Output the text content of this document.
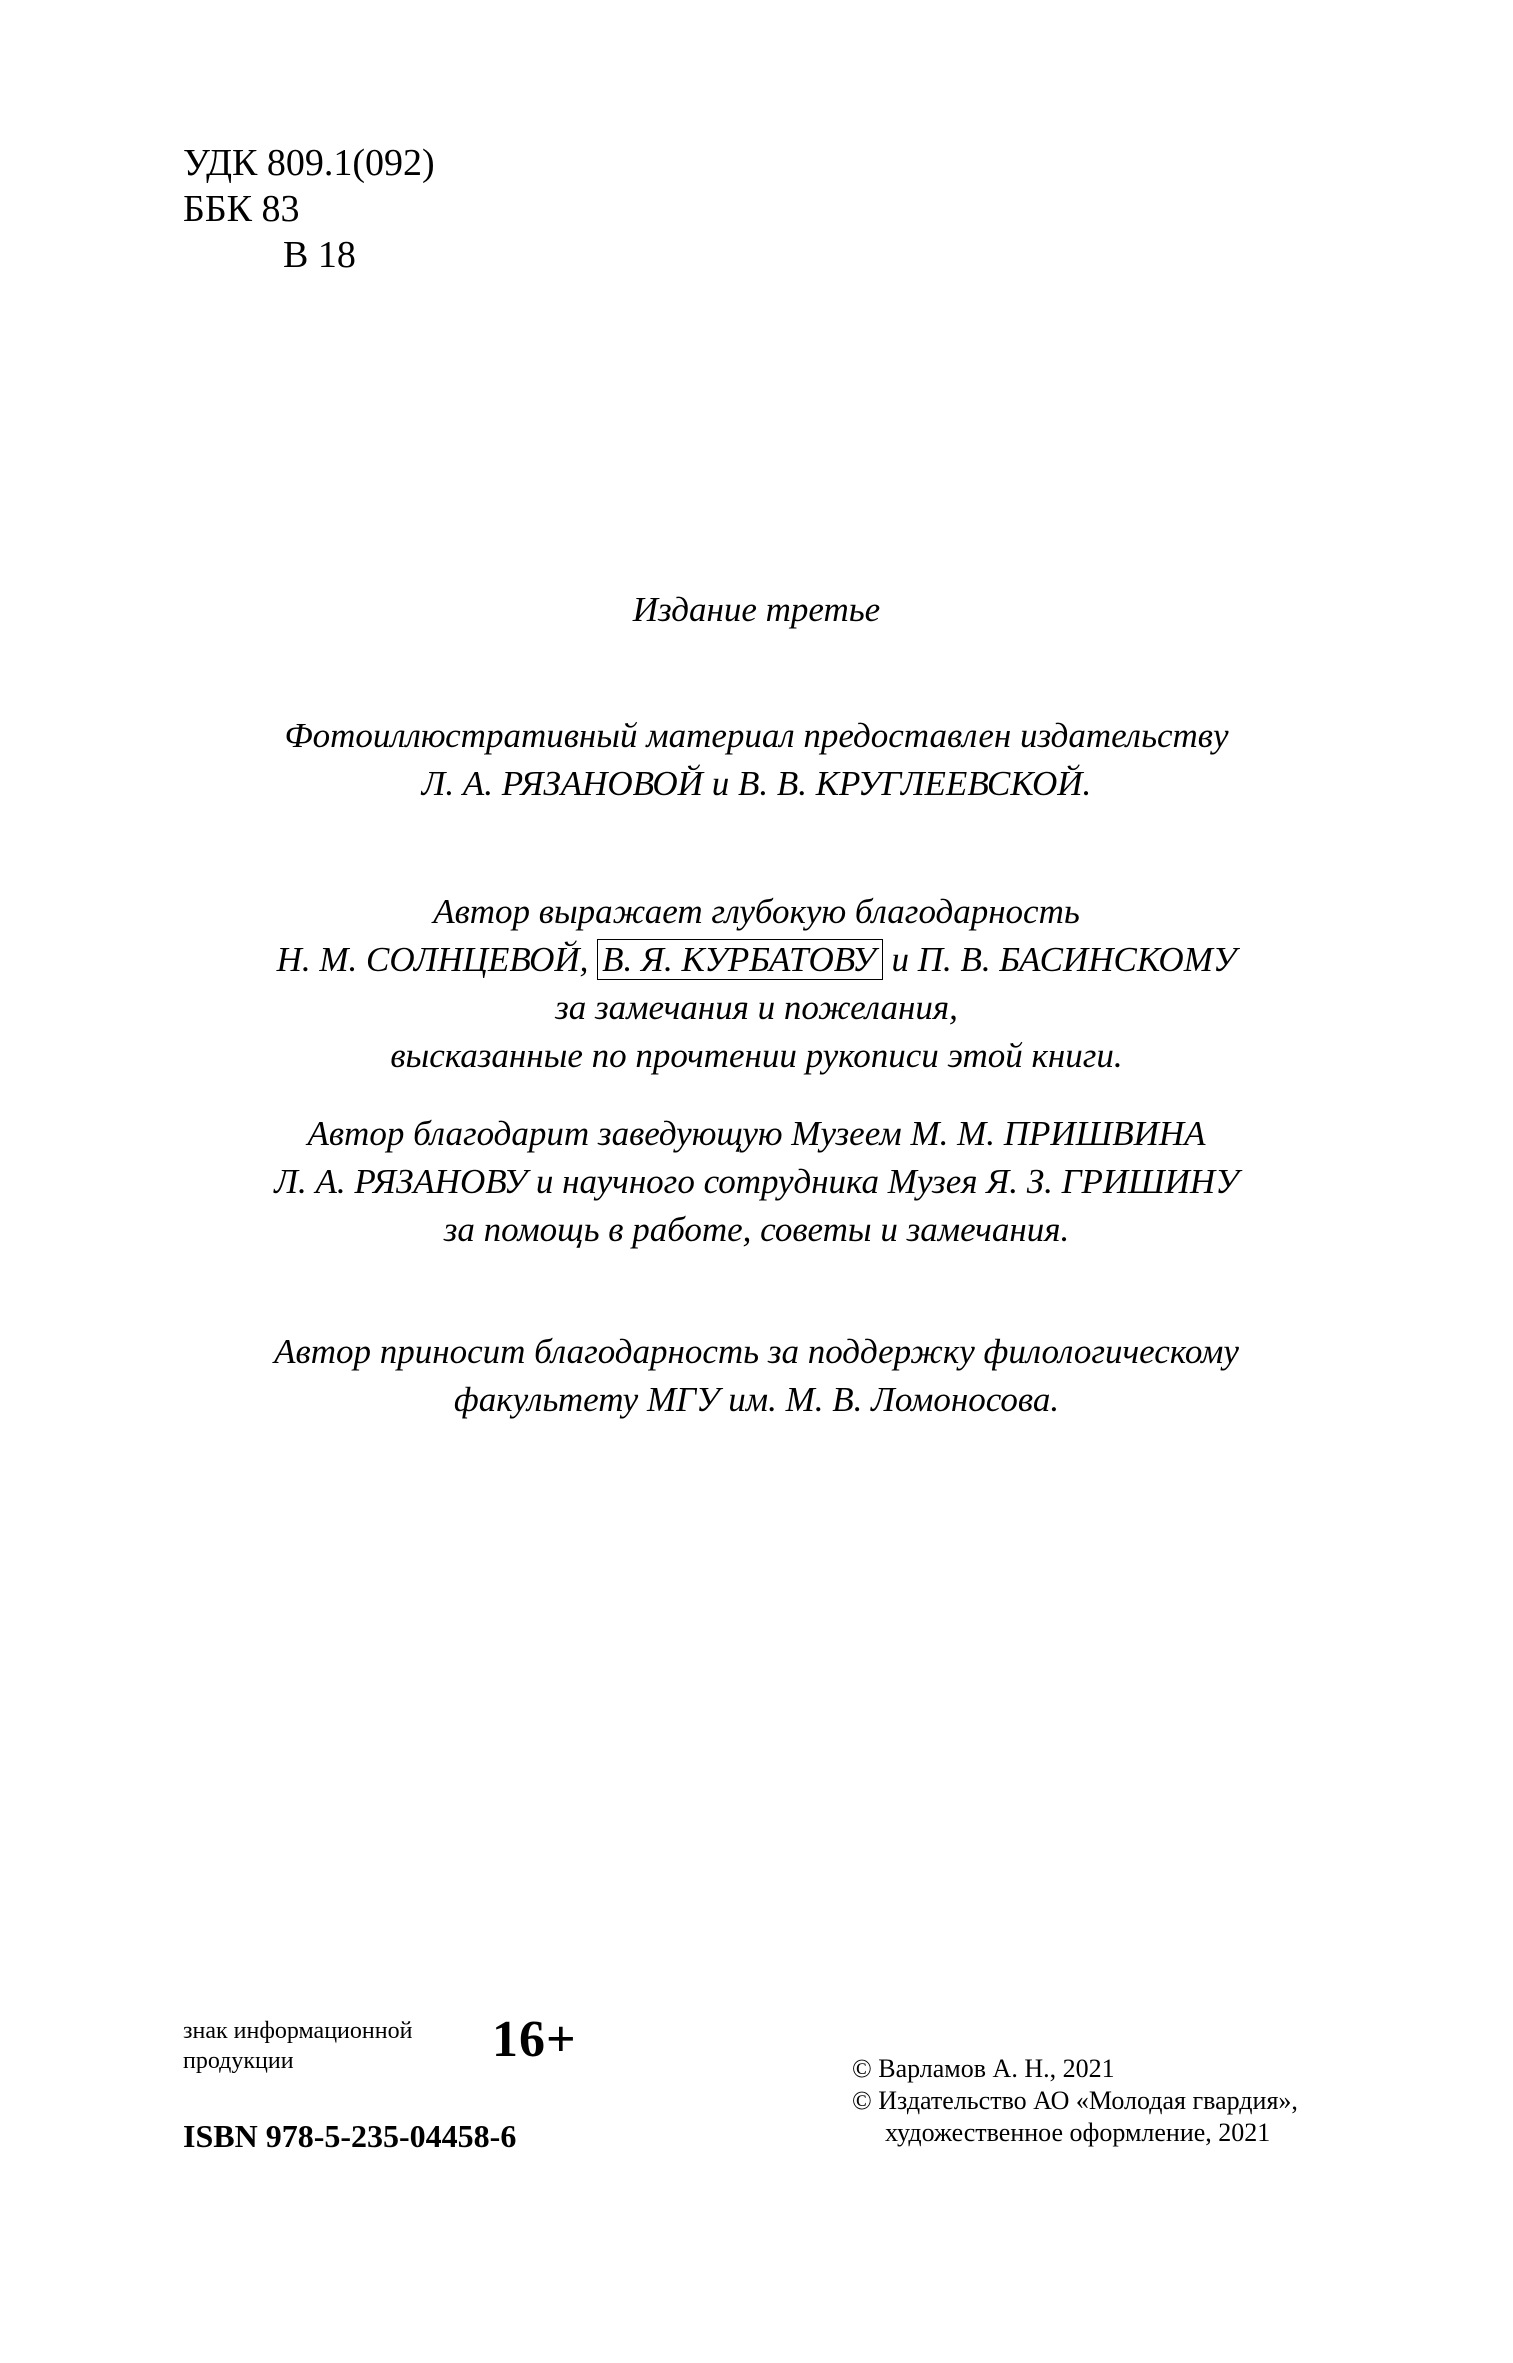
УДК 809.1(092)
ББК 83
В 18
Издание третье
Фотоиллюстративный материал предоставлен издательству
Л. А. РЯЗАНОВОЙ и В. В. КРУГЛЕЕВСКОЙ.
Автор выражает глубокую благодарность
Н. М. СОЛНЦЕВОЙ, В. Я. КУРБАТОВУ и П. В. БАСИНСКОМУ
за замечания и пожелания,
высказанные по прочтении рукописи этой книги.
Автор благодарит заведующую Музеем М. М. ПРИШВИНА
Л. А. РЯЗАНОВУ и научного сотрудника Музея Я. З. ГРИШИНУ
за помощь в работе, советы и замечания.
Автор приносит благодарность за поддержку филологическому
факультету МГУ им. М. В. Ломоносова.
знак информационной
продукции	16+
ISBN 978-5-235-04458-6
© Варламов А. Н., 2021
© Издательство АО «Молодая гвардия»,
художественное оформление, 2021
